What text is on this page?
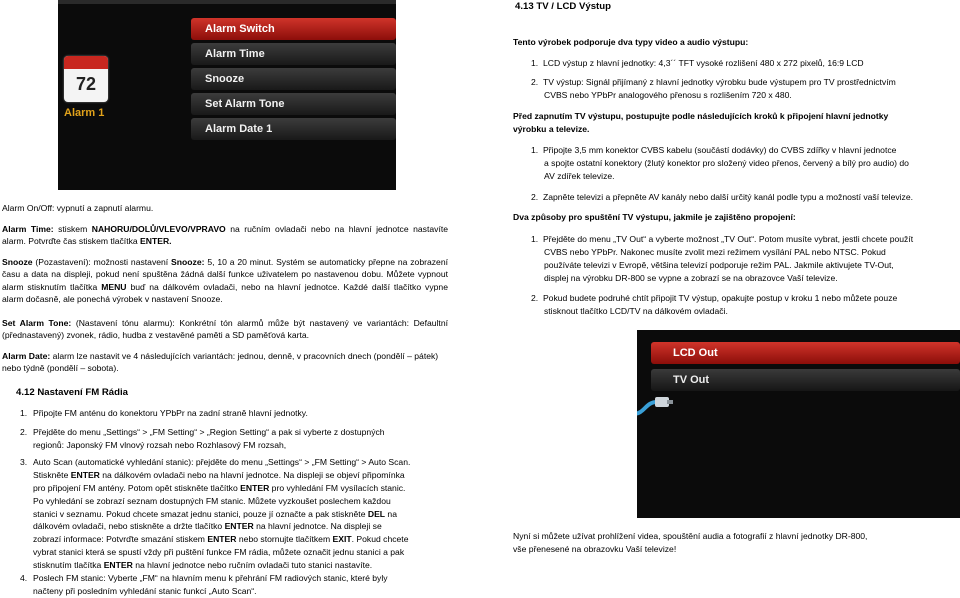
72
Alarm 1
Alarm Switch
Alarm Time
Snooze
Set Alarm Tone
Alarm Date 1

Alarm On/Off: vypnutí a zapnutí alarmu.

Alarm Time: stiskem NAHORU/DOLŮ/VLEVO/VPRAVO na ručním ovladači nebo na hlavní jednotce nastavíte alarm. Potvrďte čas stiskem tlačítka ENTER.

Snooze (Pozastavení): možnosti nastavení Snooze: 5, 10 a 20 minut. Systém se automaticky přepne na zobrazení času a data na displeji, pokud není spuštěna žádná další funkce uživatelem po nastavenou dobu. Můžete vypnout alarm stisknutím tlačítka MENU buď na dálkovém ovladači, nebo na hlavní jednotce. Každé další tlačítko vypne alarm dočasně, ale ponechá výrobek v nastavení Snooze.

Set Alarm Tone: (Nastavení tónu alarmu): Konkrétní tón alarmů může být nastavený ve variantách: Defaultní (přednastavený) zvonek, rádio, hudba z vestavěné paměti a SD paměťová karta.

Alarm Date: alarm lze nastavit ve 4 následujících variantách: jednou, denně, v pracovních dnech (pondělí – pátek) nebo týdně (pondělí – sobota).

4.12 Nastavení FM Rádia
1. Připojte FM anténu do konektoru YPbPr na zadní straně hlavní jednotky.
2. Přejděte do menu „Settings“ > „FM Setting“ > „Region Setting“ a pak si vyberte z dostupných
regionů: Japonský FM vlnový rozsah nebo Rozhlasový FM rozsah,
3. Auto Scan (automatické vyhledání stanic): přejděte do menu „Settings“ > „FM Setting“ > Auto Scan.
Stiskněte ENTER na dálkovém ovladači nebo na hlavní jednotce. Na displeji se objeví připomínka
pro připojení FM antény. Potom opět stiskněte tlačítko ENTER pro vyhledání FM vysílacích stanic.
Po vyhledání se zobrazí seznam dostupných FM stanic. Můžete vyzkoušet poslechem každou
stanici v seznamu. Pokud chcete smazat jednu stanici, pouze jí označte a pak stiskněte DEL na
dálkovém ovladači, nebo stiskněte a držte tlačítko ENTER na hlavní jednotce. Na displeji se
zobrazí informace: Potvrďte smazání stiskem ENTER nebo stornujte tlačítkem EXIT. Pokud chcete
vybrat stanici která se spustí vždy při puštění funkce FM rádia, můžete označit jednu stanici a pak
stisknutím tlačítka ENTER na hlavní jednotce nebo ručním ovladači tuto stanici nastavíte.
4. Poslech FM stanic: Vyberte „FM“ na hlavním menu k přehrání FM radiových stanic, které byly
načteny při posledním vyhledání stanic funkcí „Auto Scan“.
4.13 TV / LCD Výstup
Tento výrobek podporuje dva typy video a audio výstupu:
1.  LCD výstup z hlavní jednotky: 4,3´´ TFT vysoké rozlišení 480 x 272 pixelů, 16:9 LCD
2.  TV výstup: Signál přijímaný z hlavní jednotky výrobku bude výstupem pro TV prostřednictvím
CVBS nebo YPbPr analogového přenosu s rozlišením 720 x 480.
Před zapnutím TV výstupu, postupujte podle následujících kroků k připojení hlavní jednotky
výrobku a televize.
1.  Připojte 3,5 mm konektor CVBS kabelu (součástí dodávky) do CVBS zdířky v hlavní jednotce
a spojte ostatní konektory (žlutý konektor pro složený video přenos, červený a bílý pro audio) do
AV zdířek televize.
2.  Zapněte televizi a přepněte AV kanály nebo další určitý kanál podle typu a možností vaší televize.
Dva způsoby pro spuštění TV výstupu, jakmile je zajištěno propojení:
1.  Přejděte do menu „TV Out“ a vyberte možnost „TV Out“. Potom musíte vybrat, jestli chcete použít
CVBS nebo YPbPr. Nakonec musíte zvolit mezi režimem vysílání PAL nebo NTSC. Pokud
používáte televizi v Evropě, většina televizí podporuje režim PAL. Jakmile aktivujete TV-Out,
displej na výrobku DR-800 se vypne a zobrazí se na obrazovce Vaší televize.
2.  Pokud budete podruhé chtít připojit TV výstup, opakujte postup v kroku 1 nebo můžete pouze
stisknout tlačítko LCD/TV na dálkovém ovladači.
LCD Out
TV Out
Nyní si můžete užívat prohlížení videa, spouštění audia a fotografií z hlavní jednotky DR-800,
vše přenesené na obrazovku Vaší televize!
